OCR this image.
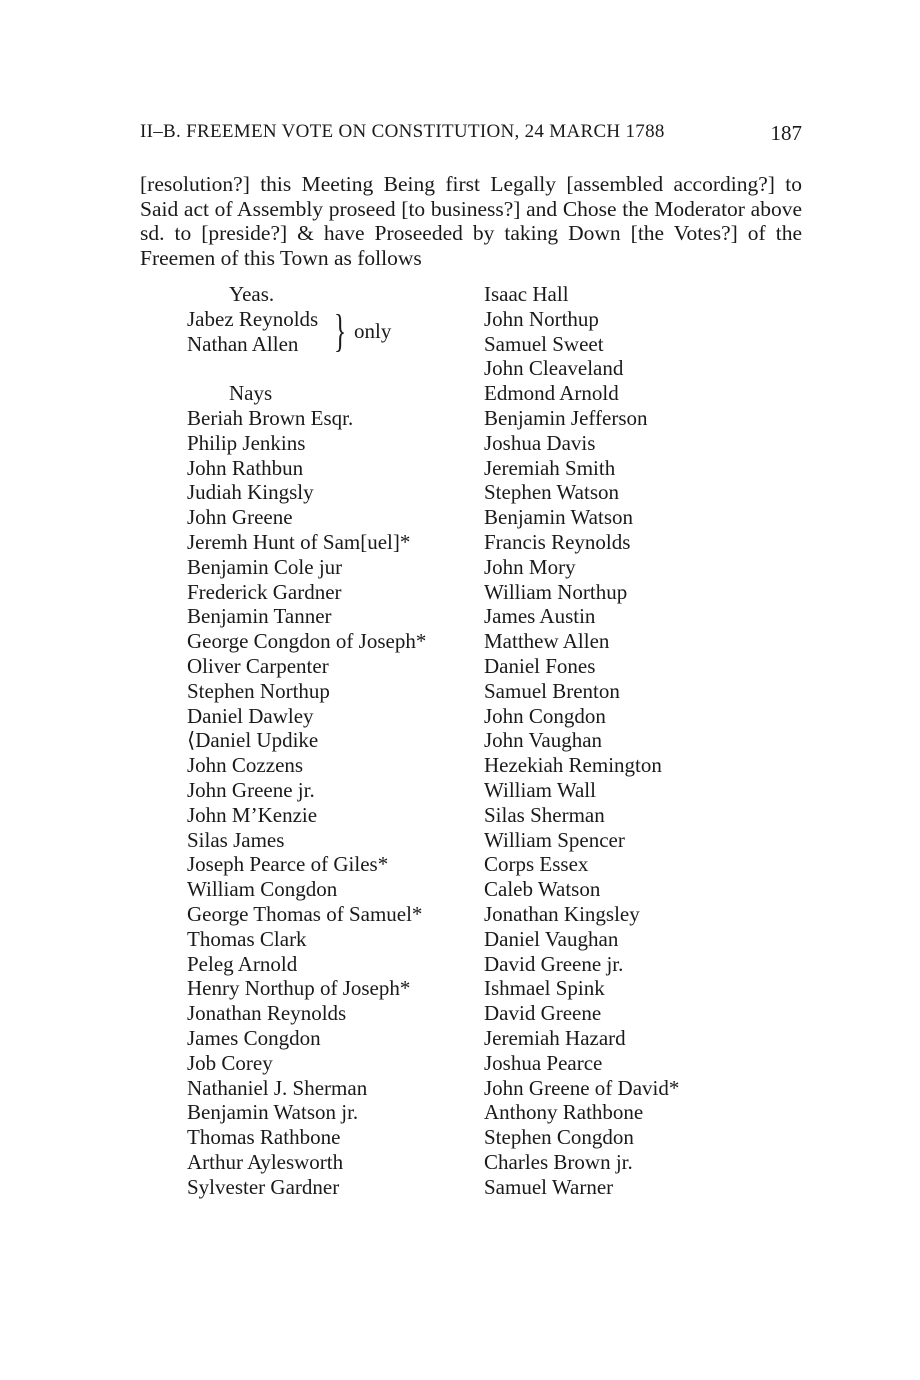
II–B. FREEMEN VOTE ON CONSTITUTION, 24 MARCH 1788	187

[resolution?] this Meeting Being first Legally [assembled according?] to Said act of Assembly proseed [to business?] and Chose the Moderator above sd. to [preside?] & have Proseeded by taking Down [the Votes?] of the Freemen of this Town as follows

Yeas.
Jabez Reynolds
Nathan Allen } only
Nays
Beriah Brown Esqr.
Philip Jenkins
John Rathbun
Judiah Kingsly
John Greene
Jeremh Hunt of Sam[uel]*
Benjamin Cole jur
Frederick Gardner
Benjamin Tanner
George Congdon of Joseph*
Oliver Carpenter
Stephen Northup
Daniel Dawley
⟨Daniel Updike
John Cozzens
John Greene jr.
John M’Kenzie
Silas James
Joseph Pearce of Giles*
William Congdon
George Thomas of Samuel*
Thomas Clark
Peleg Arnold
Henry Northup of Joseph*
Jonathan Reynolds
James Congdon
Job Corey
Nathaniel J. Sherman
Benjamin Watson jr.
Thomas Rathbone
Arthur Aylesworth
Sylvester Gardner
Isaac Hall
John Northup
Samuel Sweet
John Cleaveland
Edmond Arnold
Benjamin Jefferson
Joshua Davis
Jeremiah Smith
Stephen Watson
Benjamin Watson
Francis Reynolds
John Mory
William Northup
James Austin
Matthew Allen
Daniel Fones
Samuel Brenton
John Congdon
John Vaughan
Hezekiah Remington
William Wall
Silas Sherman
William Spencer
Corps Essex
Caleb Watson
Jonathan Kingsley
Daniel Vaughan
David Greene jr.
Ishmael Spink
David Greene
Jeremiah Hazard
Joshua Pearce
John Greene of David*
Anthony Rathbone
Stephen Congdon
Charles Brown jr.
Samuel Warner
